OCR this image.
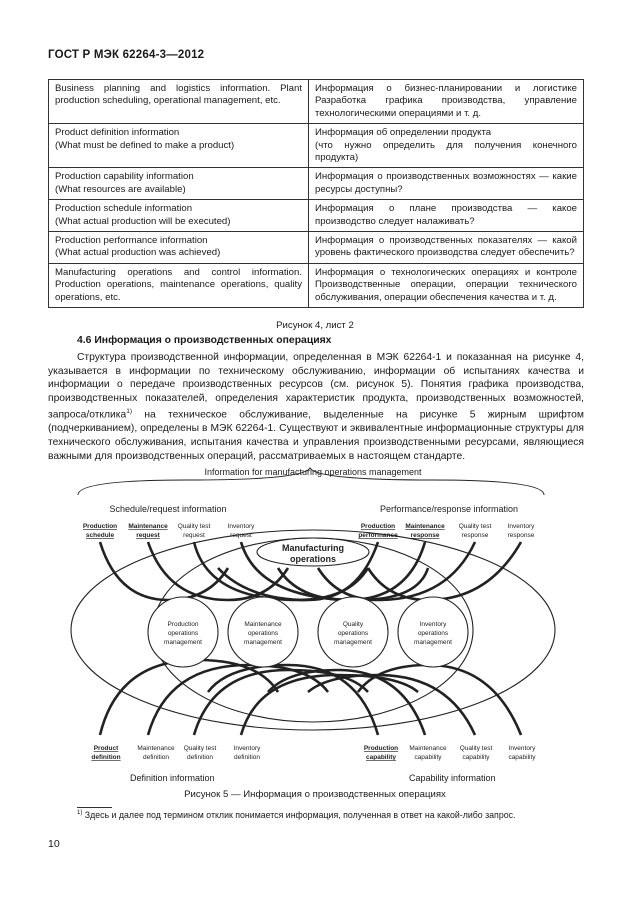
ГОСТ Р МЭК 62264-3—2012
Business planning and logistics information. Plant production scheduling, operational management, etc.	Информация о бизнес-планировании и логистике Разработка графика производства, управление технологическими операциями и т. д.
Product definition information
(What must be defined to make a product)	Информация об определении продукта
(что нужно определить для получения конечного продукта)
Production capability information
(What resources are available)	Информация о производственных возможностях — какие ресурсы доступны?
Production schedule information
(What actual production will be executed)	Информация о плане производства — какое производство следует налаживать?
Production performance information
(What actual production was achieved)	Информация о производственных показателях — какой уровень фактического производства следует обеспечить?
Manufacturing operations and control information. Production operations, maintenance operations, quality operations, etc.	Информация о технологических операциях и контроле Производственные операции, операции технического обслуживания, операции обеспечения качества и т. д.
Рисунок 4, лист 2
4.6 Информация о производственных операциях

Структура производственной информации, определенная в МЭК 62264-1 и показанная на рисунке 4, указывается в информации по техническому обслуживанию, информации об испытаниях качества и информации о передаче производственных ресурсов (см. рисунок 5). Понятия графика производства, производственных показателей, определения характеристик продукта, производственных возможностей, запроса/отклика$^{1)}$ на техническое обслуживание, выделенные на рисунке 5 жирным шрифтом (подчеркиванием), определены в МЭК 62264-1. Существуют и эквивалентные информационные структуры для технического обслуживания, испытания качества и управления производственными ресурсами, являющиеся важными для производственных операций, рассматриваемых в настоящем стандарте.

Information for manufacturing operations management
Schedule/request information	Performance/response information
Production
schedule
Maintenance
request
Quality test
request
Inventory
request
Production
performance
Maintenance
response
Quality test
response
Inventory
response
Manufacturing
operations
Production
operations
management
Maintenance
operations
management
Quality
operations
management
Inventory
operations
management
Product
definition
Maintenance
definition
Quality test
definition
Inventory
definition
Production
capability
Maintenance
capability
Quality test
capability
Inventory
capability
Definition information	Capability information
Рисунок 5 — Информация о производственных операциях
$^{1)}$ Здесь и далее под термином отклик понимается информация, полученная в ответ на какой-либо запрос.
10
